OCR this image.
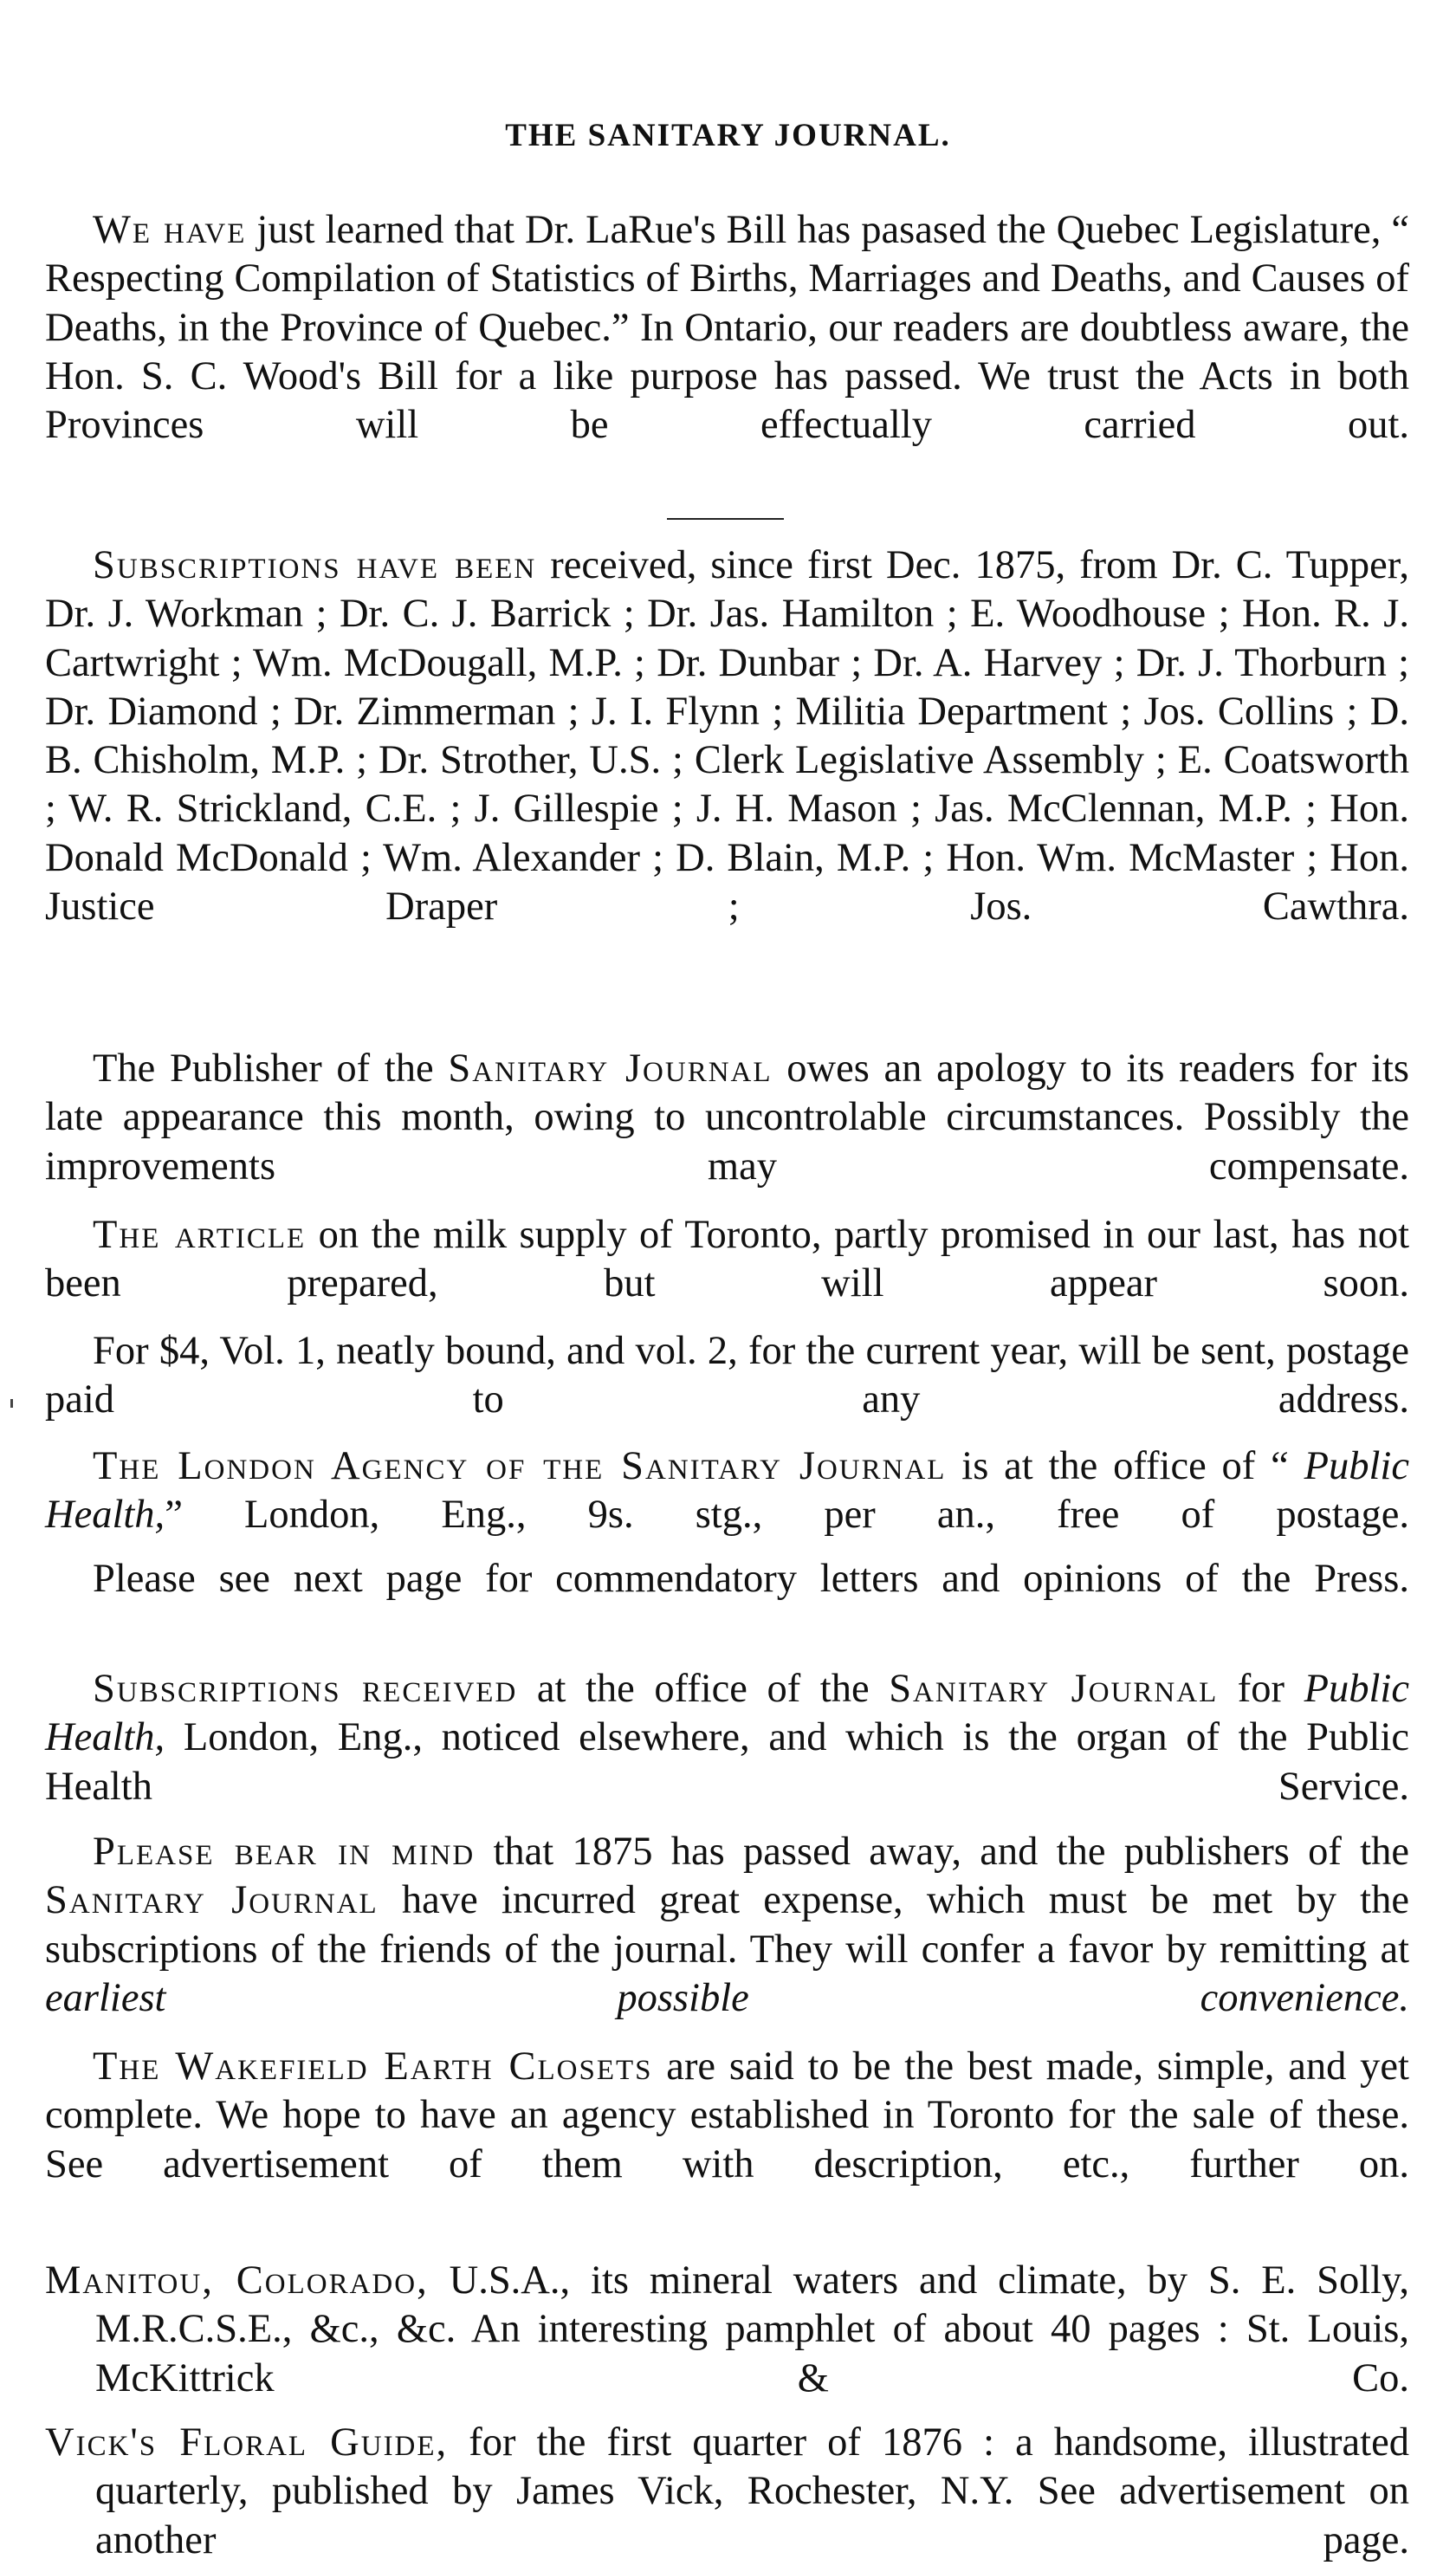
THE SANITARY JOURNAL.
We have just learned that Dr. LaRue's Bill has pasased the Quebec Legislature, “ Respecting Compilation of Statistics of Births, Marriages and Deaths, and Causes of Deaths, in the Province of Quebec.” In Ontario, our readers are doubtless aware, the Hon. S. C. Wood's Bill for a like purpose has passed. We trust the Acts in both Provinces will be effectually carried out.
Subscriptions have been received, since first Dec. 1875, from Dr. C. Tupper, Dr. J. Workman ; Dr. C. J. Barrick ; Dr. Jas. Hamilton ; E. Woodhouse ; Hon. R. J. Cartwright ; Wm. McDougall, M.P. ; Dr. Dunbar ; Dr. A. Harvey ; Dr. J. Thorburn ; Dr. Diamond ; Dr. Zimmerman ; J. I. Flynn ; Militia Department ; Jos. Collins ; D. B. Chisholm, M.P. ; Dr. Strother, U.S. ; Clerk Legislative Assembly ; E. Coatsworth ; W. R. Strickland, C.E. ; J. Gillespie ; J. H. Mason ; Jas. McClennan, M.P. ; Hon. Donald McDonald ; Wm. Alexander ; D. Blain, M.P. ; Hon. Wm. McMaster ; Hon. Justice Draper ; Jos. Cawthra.
The Publisher of the Sanitary Journal owes an apology to its readers for its late appearance this month, owing to uncontrolable circumstances. Possibly the improvements may compensate.
The article on the milk supply of Toronto, partly promised in our last, has not been prepared, but will appear soon.
For $4, Vol. 1, neatly bound, and vol. 2, for the current year, will be sent, postage paid to any address.
The London Agency of the Sanitary Journal is at the office of “ Public Health,” London, Eng., 9s. stg., per an., free of postage.
Please see next page for commendatory letters and opinions of the Press.
Subscriptions received at the office of the Sanitary Journal for Public Health, London, Eng., noticed elsewhere, and which is the organ of the Public Health Service.
Please bear in mind that 1875 has passed away, and the publishers of the Sanitary Journal have incurred great expense, which must be met by the subscriptions of the friends of the journal. They will confer a favor by remitting at earliest possible convenience.
The Wakefield Earth Closets are said to be the best made, simple, and yet complete. We hope to have an agency established in Toronto for the sale of these. See advertisement of them with description, etc., further on.
Manitou, Colorado, U.S.A., its mineral waters and climate, by S. E. Solly, M.R.C.S.E., &c., &c. An interesting pamphlet of about 40 pages : St. Louis, McKittrick & Co.
Vick's Floral Guide, for the first quarter of 1876 : a handsome, illustrated quarterly, published by James Vick, Rochester, N.Y. See advertisement on another page.
